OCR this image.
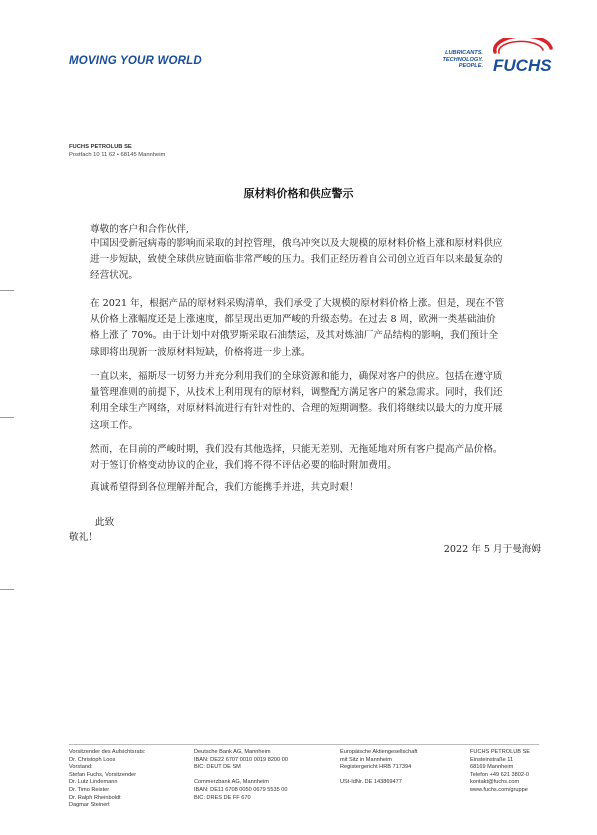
MOVING YOUR WORLD
LUBRICANTS.
TECHNOLOGY.
PEOPLE. FUCHS
FUCHS PETROLUB SE
Postfach 10 11 62 • 68145 Mannheim
原材料价格和供应警示
尊敬的客户和合作伙伴,

中国因受新冠病毒的影响而采取的封控管理，俄乌冲突以及大规模的原材料价格上涨和原材料供应进一步短缺，致使全球供应链面临非常严峻的压力。我们正经历着自公司创立近百年以来最复杂的经营状况。

在 2021 年，根据产品的原材料采购清单，我们承受了大规模的原材料价格上涨。但是，现在不管从价格上涨幅度还是上涨速度，都呈现出更加严峻的升级态势。在过去 8 周，欧洲一类基础油价格上涨了 70%。由于计划中对俄罗斯采取石油禁运，及其对炼油厂产品结构的影响，我们预计全球即将出现新一波原材料短缺，价格将进一步上涨。

一直以来，福斯尽一切努力并充分利用我们的全球资源和能力，确保对客户的供应。包括在遵守质量管理准则的前提下，从技术上利用现有的原材料，调整配方满足客户的紧急需求。同时，我们还利用全球生产网络，对原材料流进行有针对性的、合理的短期调整。我们将继续以最大的力度开展这项工作。

然而，在目前的严峻时期，我们没有其他选择，只能无差别、无拖延地对所有客户提高产品价格。对于签订价格变动协议的企业，我们将不得不评估必要的临时附加费用。

真诚希望得到各位理解并配合，我们方能携手并进，共克时艰！

此致
敬礼！
2022 年 5 月于曼海姆
Vorsitzender des Aufsichtsrats:
Dr. Christoph Loos
Vorstand:
Stefan Fuchs, Vorsitzender
Dr. Lutz Lindemann
Dr. Timo Reister
Dr. Ralph Rheinboldt
Dagmar Steinert
Deutsche Bank AG, Mannheim
IBAN: DE22 6707 0010 0019 8200 00
BIC: DEUT DE SM

Commerzbank AG, Mannheim
IBAN: DE11 6708 0050 0679 5535 00
BIC: DRES DE FF 670
Europäische Aktiengesellschaft
mit Sitz in Mannheim
Registergericht HRB 717394

USt-IdNr. DE 143869477
FUCHS PETROLUB SE
Einsteinstraße 11
68169 Mannheim
Telefon +49 621 3802-0
kontakt@fuchs.com
www.fuchs.com/gruppe
